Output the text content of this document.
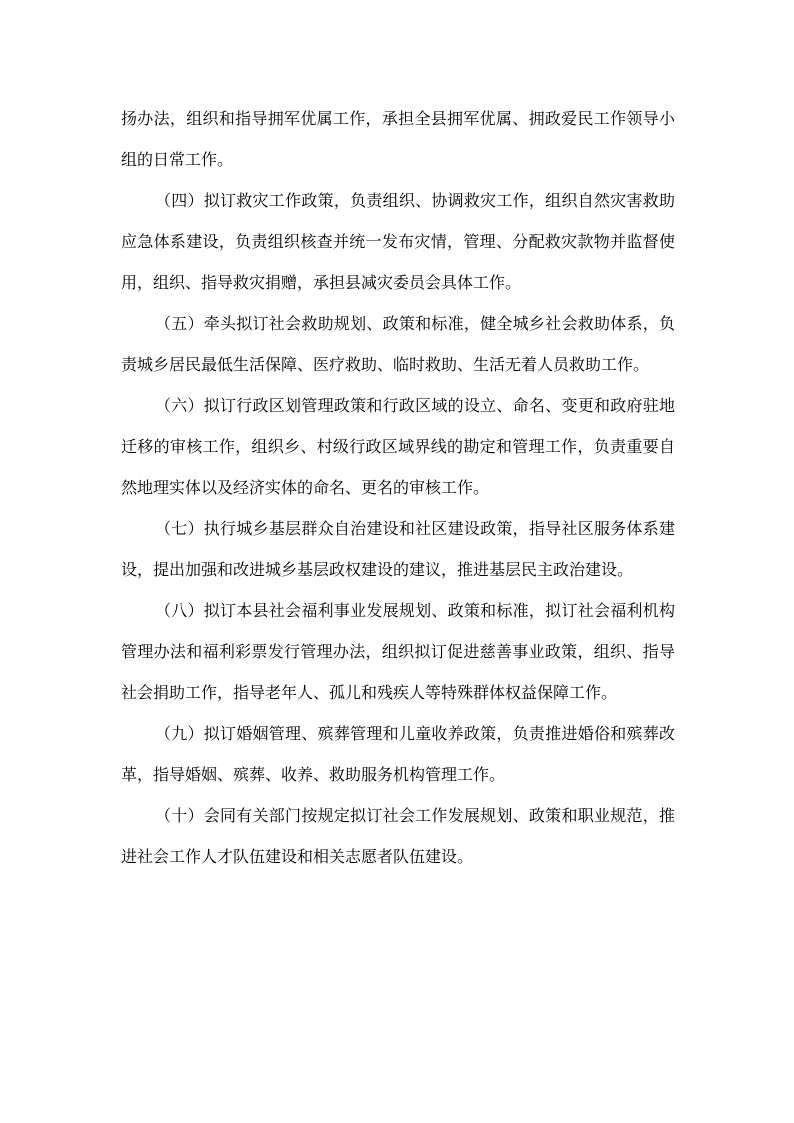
扬办法，组织和指导拥军优属工作，承担全县拥军优属、拥政爱民工作领导小组的日常工作。

（四）拟订救灾工作政策，负责组织、协调救灾工作，组织自然灾害救助应急体系建设，负责组织核查并统一发布灾情，管理、分配救灾款物并监督使用，组织、指导救灾捐赠，承担县减灾委员会具体工作。

（五）牵头拟订社会救助规划、政策和标准，健全城乡社会救助体系，负责城乡居民最低生活保障、医疗救助、临时救助、生活无着人员救助工作。

（六）拟订行政区划管理政策和行政区域的设立、命名、变更和政府驻地迁移的审核工作，组织乡、村级行政区域界线的勘定和管理工作，负责重要自然地理实体以及经济实体的命名、更名的审核工作。

（七）执行城乡基层群众自治建设和社区建设政策，指导社区服务体系建设，提出加强和改进城乡基层政权建设的建议，推进基层民主政治建设。

（八）拟订本县社会福利事业发展规划、政策和标准，拟订社会福利机构管理办法和福利彩票发行管理办法，组织拟订促进慈善事业政策，组织、指导社会捐助工作，指导老年人、孤儿和残疾人等特殊群体权益保障工作。

（九）拟订婚姻管理、殡葬管理和儿童收养政策，负责推进婚俗和殡葬改革，指导婚姻、殡葬、收养、救助服务机构管理工作。

（十）会同有关部门按规定拟订社会工作发展规划、政策和职业规范，推进社会工作人才队伍建设和相关志愿者队伍建设。
